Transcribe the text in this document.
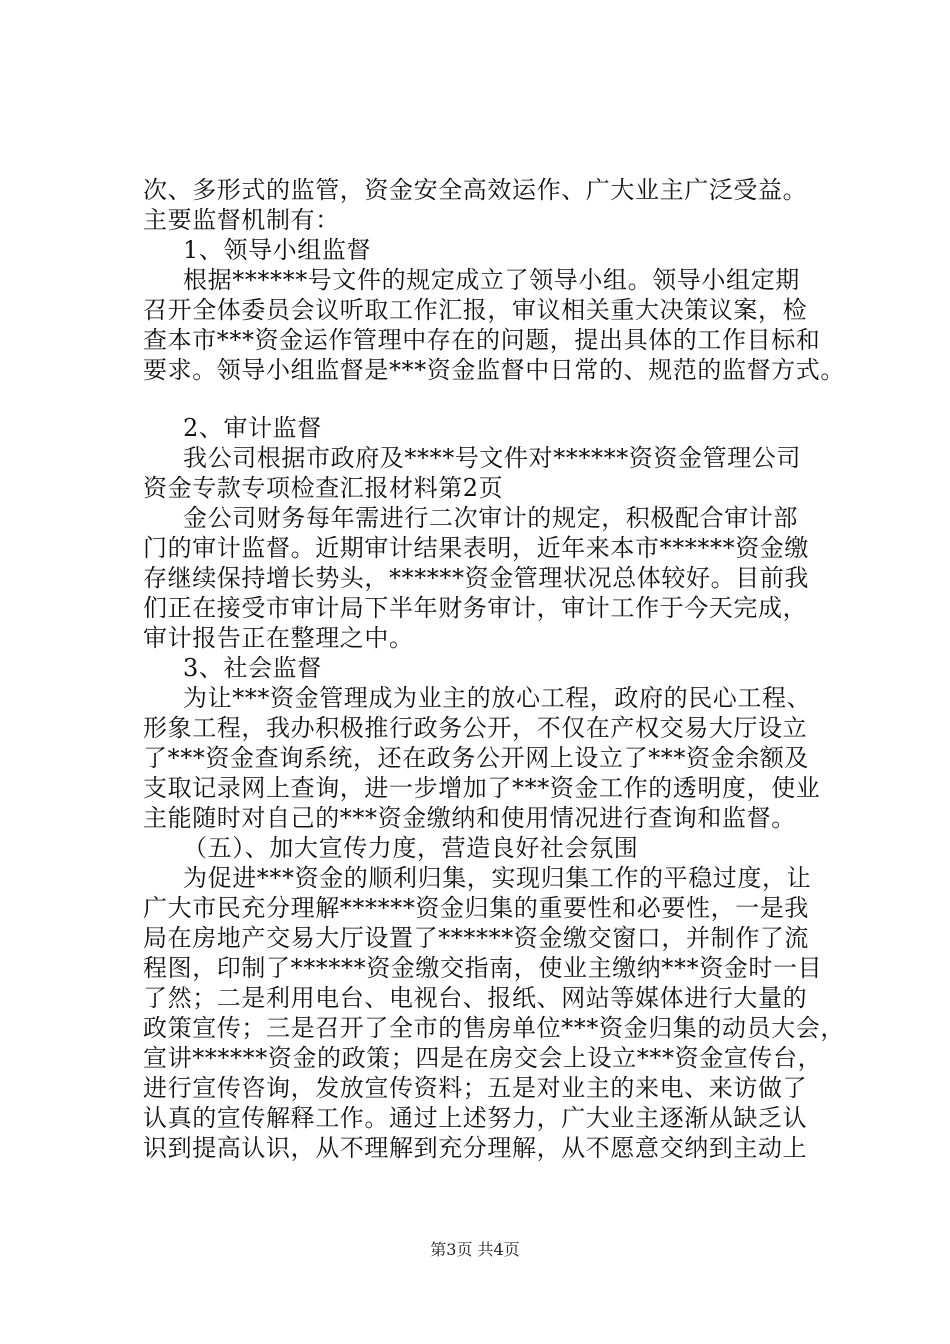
次、多形式的监管，资金安全高效运作、广大业主广泛受益。
主要监督机制有：
1、领导小组监督
根据******号文件的规定成立了领导小组。领导小组定期
召开全体委员会议听取工作汇报，审议相关重大决策议案，检
查本市***资金运作管理中存在的问题，提出具体的工作目标和
要求。领导小组监督是***资金监督中日常的、规范的监督方式。
2、审计监督
我公司根据市政府及****号文件对******资资金管理公司
资金专款专项检查汇报材料第2页
金公司财务每年需进行二次审计的规定，积极配合审计部
门的审计监督。近期审计结果表明，近年来本市******资金缴
存继续保持增长势头，******资金管理状况总体较好。目前我
们正在接受市审计局下半年财务审计，审计工作于今天完成，
审计报告正在整理之中。
3、社会监督
为让***资金管理成为业主的放心工程，政府的民心工程、
形象工程，我办积极推行政务公开，不仅在产权交易大厅设立
了***资金查询系统，还在政务公开网上设立了***资金余额及
支取记录网上查询，进一步增加了***资金工作的透明度，使业
主能随时对自己的***资金缴纳和使用情况进行查询和监督。
（五）、加大宣传力度，营造良好社会氛围
为促进***资金的顺利归集，实现归集工作的平稳过度，让
广大市民充分理解******资金归集的重要性和必要性，一是我
局在房地产交易大厅设置了******资金缴交窗口，并制作了流
程图，印制了******资金缴交指南，使业主缴纳***资金时一目
了然；二是利用电台、电视台、报纸、网站等媒体进行大量的
政策宣传；三是召开了全市的售房单位***资金归集的动员大会，
宣讲******资金的政策；四是在房交会上设立***资金宣传台，
进行宣传咨询，发放宣传资料；五是对业主的来电、来访做了
认真的宣传解释工作。通过上述努力，广大业主逐渐从缺乏认
识到提高认识，从不理解到充分理解，从不愿意交纳到主动上
第3页 共4页
